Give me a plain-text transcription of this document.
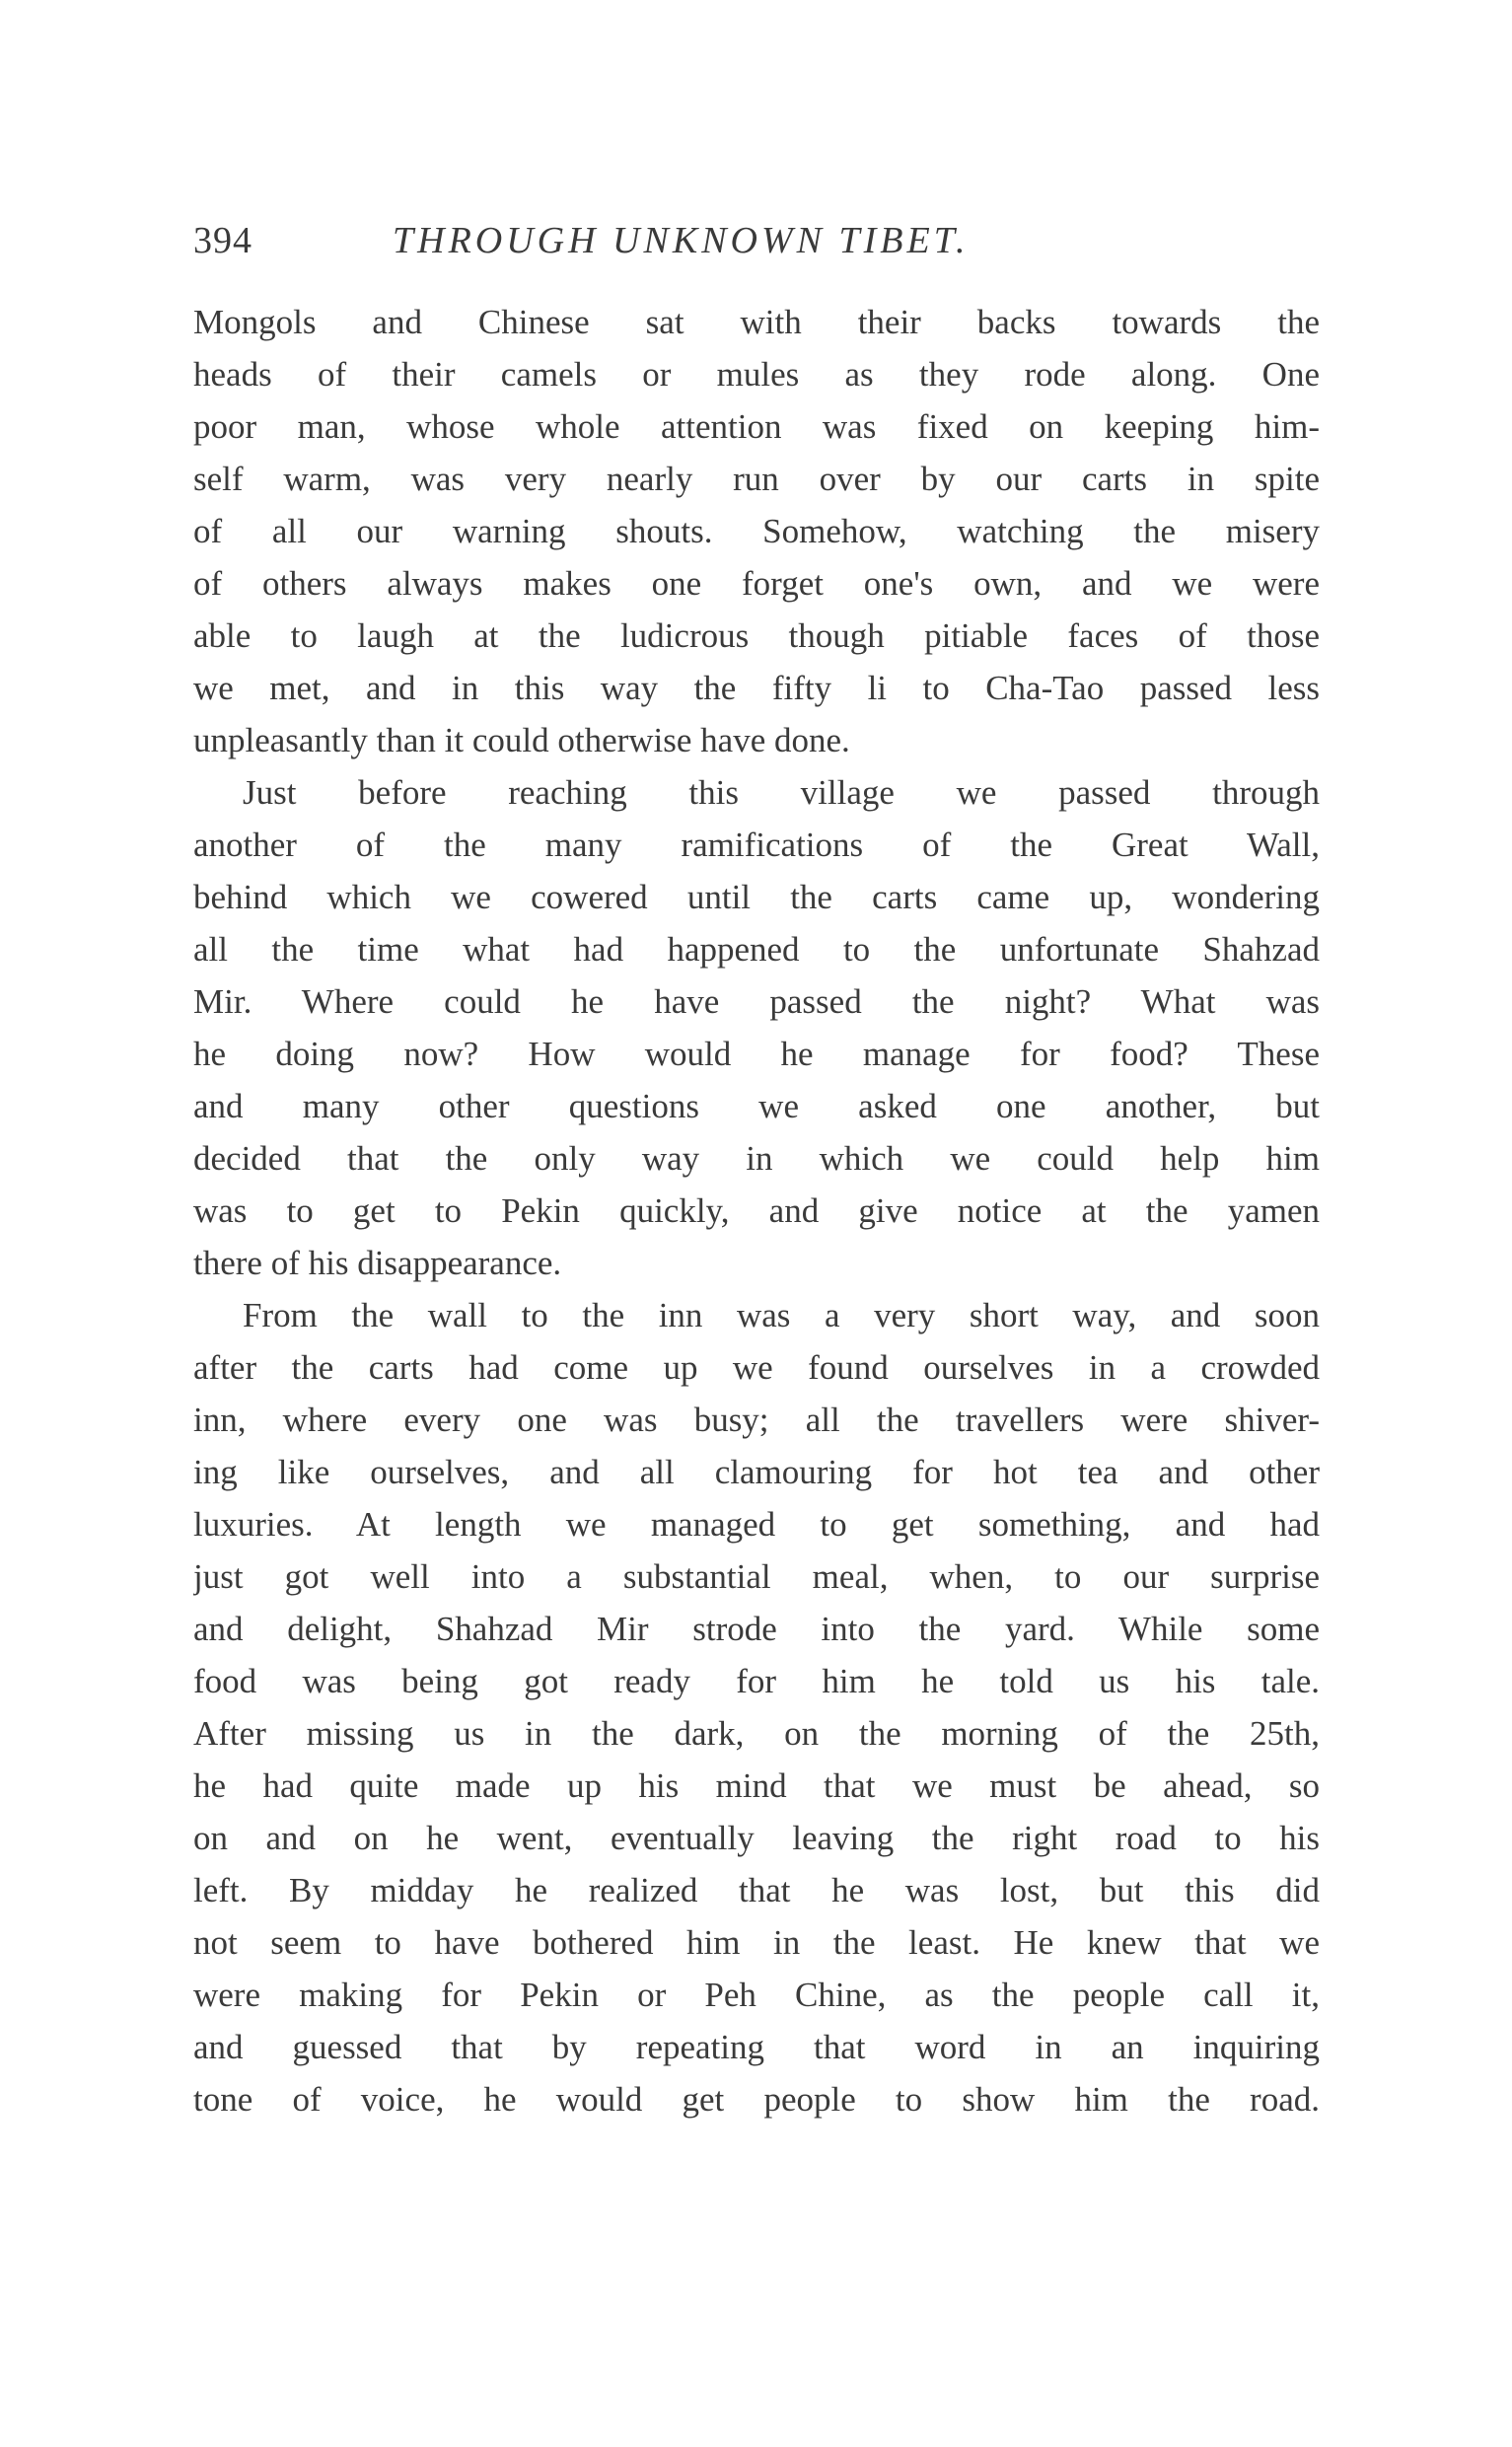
394	THROUGH UNKNOWN TIBET.
Mongols and Chinese sat with their backs towards the
heads of their camels or mules as they rode along. One
poor man, whose whole attention was fixed on keeping him-
self warm, was very nearly run over by our carts in spite
of all our warning shouts. Somehow, watching the misery
of others always makes one forget one's own, and we were
able to laugh at the ludicrous though pitiable faces of those
we met, and in this way the fifty li to Cha-Tao passed less
unpleasantly than it could otherwise have done.
Just before reaching this village we passed through
another of the many ramifications of the Great Wall,
behind which we cowered until the carts came up, wondering
all the time what had happened to the unfortunate Shahzad
Mir. Where could he have passed the night? What was
he doing now? How would he manage for food? These
and many other questions we asked one another, but
decided that the only way in which we could help him
was to get to Pekin quickly, and give notice at the yamen
there of his disappearance.
From the wall to the inn was a very short way, and soon
after the carts had come up we found ourselves in a crowded
inn, where every one was busy; all the travellers were shiver-
ing like ourselves, and all clamouring for hot tea and other
luxuries. At length we managed to get something, and had
just got well into a substantial meal, when, to our surprise
and delight, Shahzad Mir strode into the yard. While some
food was being got ready for him he told us his tale.
After missing us in the dark, on the morning of the 25th,
he had quite made up his mind that we must be ahead, so
on and on he went, eventually leaving the right road to his
left. By midday he realized that he was lost, but this did
not seem to have bothered him in the least. He knew that we
were making for Pekin or Peh Chine, as the people call it,
and guessed that by repeating that word in an inquiring
tone of voice, he would get people to show him the road.
